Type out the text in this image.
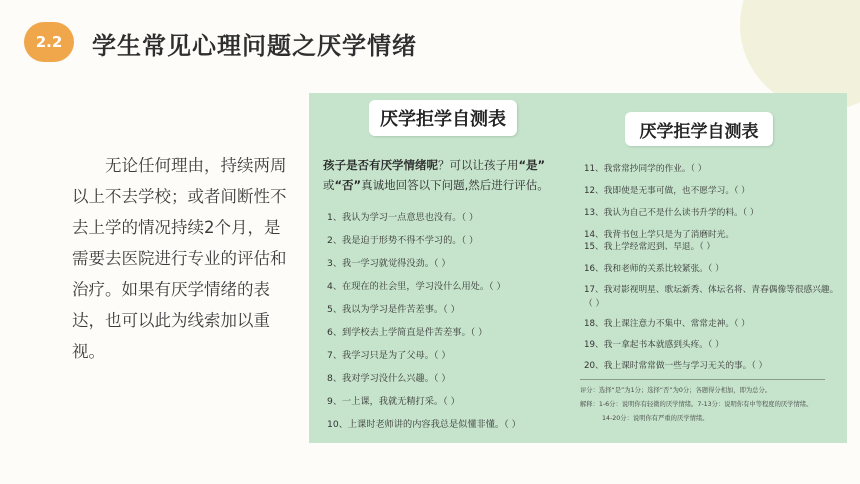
2.2	学生常见心理问题之厌学情绪

无论任何理由，持续两周以上不去学校；或者间断性不去上学的情况持续2个月，是需要去医院进行专业的评估和治疗。如果有厌学情绪的表达，也可以此为线索加以重视。

厌学拒学自测表
厌学拒学自测表
孩子是否有厌学情绪呢？可以让孩子用“是”
或“否”真诚地回答以下问题,然后进行评估。
1、我认为学习一点意思也没有。（ ）
2、我是迫于形势不得不学习的。（ ）
3、我一学习就觉得没劲。（ ）
4、在现在的社会里，学习没什么用处。（ ）
5、我以为学习是件苦差事。（ ）
6、到学校去上学简直是件苦差事。（ ）
7、我学习只是为了父母。（ ）
8、我对学习没什么兴趣。（ ）
9、一上课，我就无精打采。（ ）
10、上课时老师讲的内容我总是似懂非懂。（ ）
11、我常常抄同学的作业。（ ）
12、我即使是无事可做，也不愿学习。（ ）
13、我认为自己不是什么读书升学的料。（ ）
14、我背书包上学只是为了消磨时光。
15、我上学经常迟到、早退。（ ）
16、我和老师的关系比较紧张。（ ）
17、我对影视明星、歌坛新秀、体坛名将、青春偶像等很感兴趣。（ ）
18、我上课注意力不集中、常常走神。（ ）
19、我一拿起书本就感到头疼。（ ）
20、我上课时常常做一些与学习无关的事。（ ）
评分：选择“是”为1分；选择“否”为0分；各题得分相加，即为总分。
解释：1-6分：说明你有轻微的厌学情绪。7-13分：说明你有中等程度的厌学情绪。
14-20分：说明你有严重的厌学情绪。
